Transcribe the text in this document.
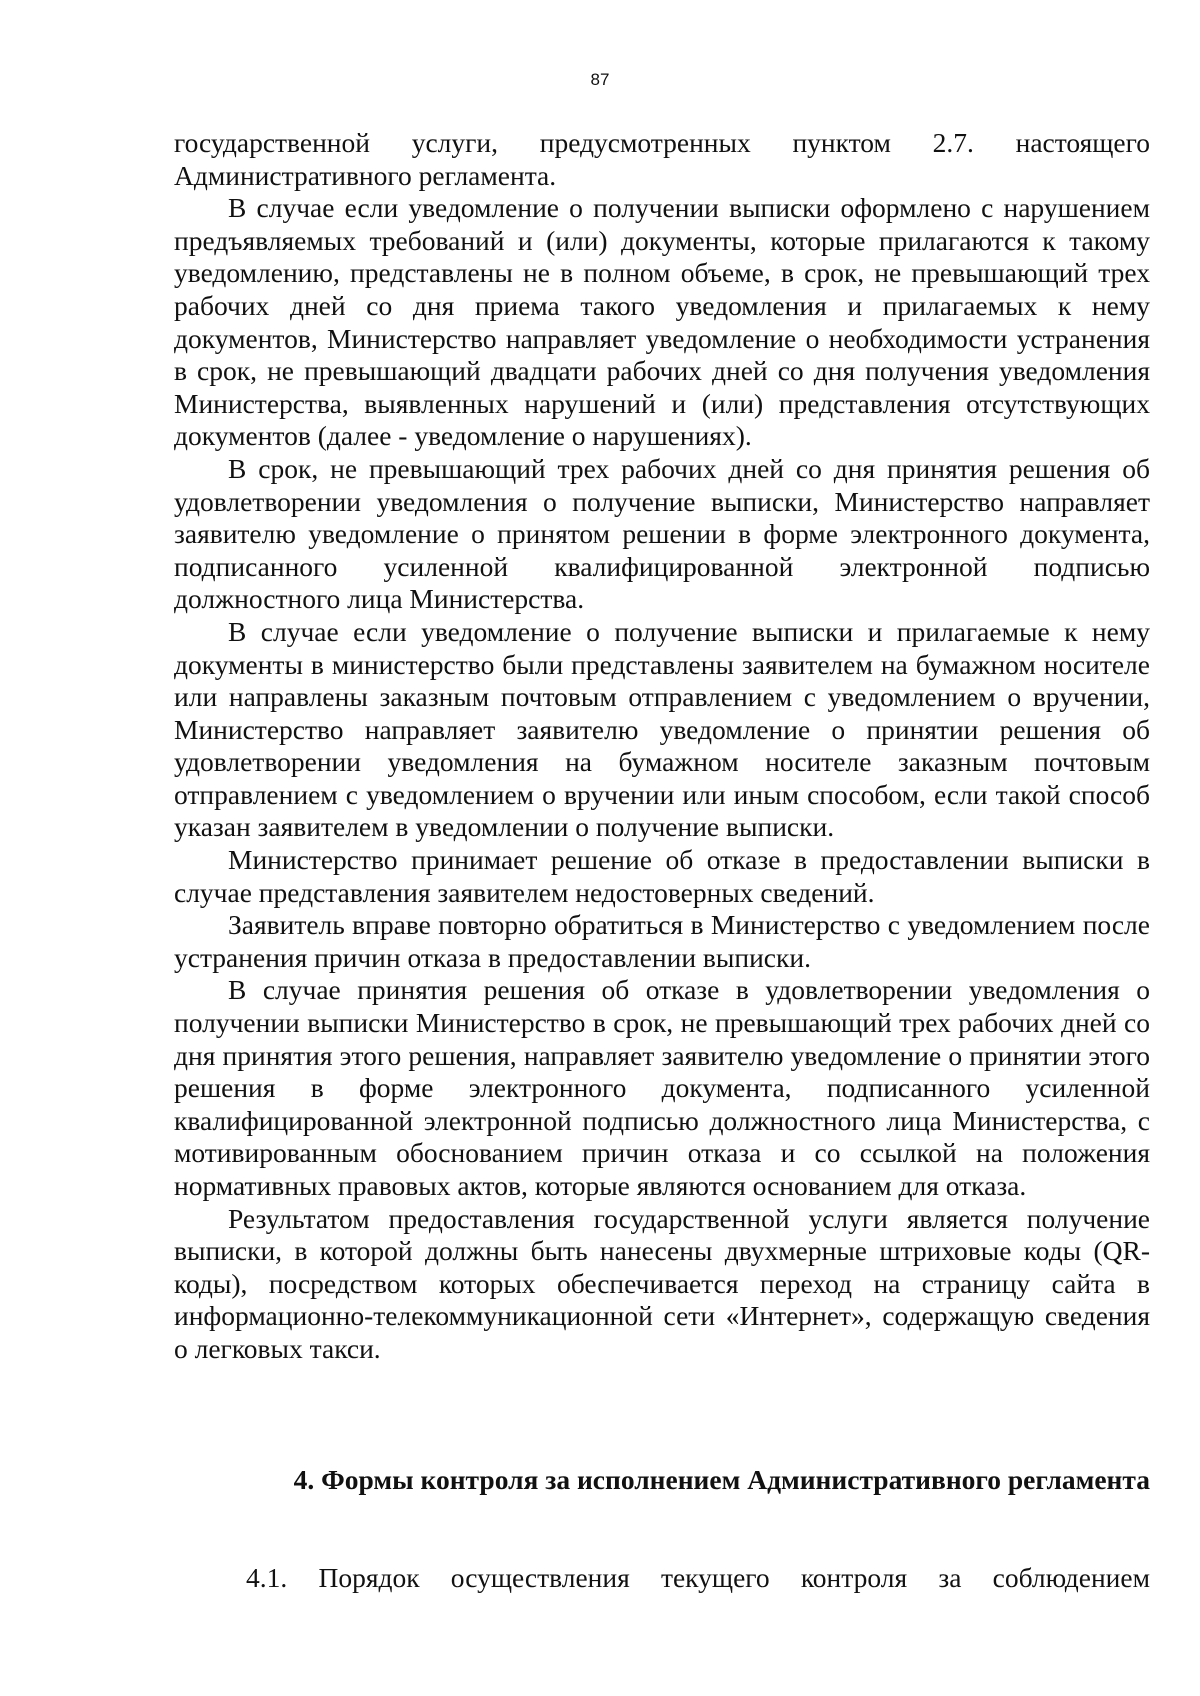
87

государственной услуги, предусмотренных пунктом 2.7. настоящего Административного регламента.

В случае если уведомление о получении выписки оформлено с нарушением предъявляемых требований и (или) документы, которые прилагаются к такому уведомлению, представлены не в полном объеме, в срок, не превышающий трех рабочих дней со дня приема такого уведомления и прилагаемых к нему документов, Министерство направляет уведомление о необходимости устранения в срок, не превышающий двадцати рабочих дней со дня получения уведомления Министерства, выявленных нарушений и (или) представления отсутствующих документов (далее - уведомление о нарушениях).

В срок, не превышающий трех рабочих дней со дня принятия решения об удовлетворении уведомления о получение выписки, Министерство направляет заявителю уведомление о принятом решении в форме электронного документа, подписанного усиленной квалифицированной электронной подписью должностного лица Министерства.

В случае если уведомление о получение выписки и прилагаемые к нему документы в министерство были представлены заявителем на бумажном носителе или направлены заказным почтовым отправлением с уведомлением о вручении, Министерство направляет заявителю уведомление о принятии решения об удовлетворении уведомления на бумажном носителе заказным почтовым отправлением с уведомлением о вручении или иным способом, если такой способ указан заявителем в уведомлении о получение выписки.

Министерство принимает решение об отказе в предоставлении выписки в случае представления заявителем недостоверных сведений.

Заявитель вправе повторно обратиться в Министерство с уведомлением после устранения причин отказа в предоставлении выписки.

В случае принятия решения об отказе в удовлетворении уведомления о получении выписки Министерство в срок, не превышающий трех рабочих дней со дня принятия этого решения, направляет заявителю уведомление о принятии этого решения в форме электронного документа, подписанного усиленной квалифицированной электронной подписью должностного лица Министерства, с мотивированным обоснованием причин отказа и со ссылкой на положения нормативных правовых актов, которые являются основанием для отказа.

Результатом предоставления государственной услуги является получение выписки, в которой должны быть нанесены двухмерные штриховые коды (QR-коды), посредством которых обеспечивается переход на страницу сайта в информационно-телекоммуникационной сети «Интернет», содержащую сведения о легковых такси.

4. Формы контроля за исполнением Административного регламента

4.1. Порядок осуществления текущего контроля за соблюдением
